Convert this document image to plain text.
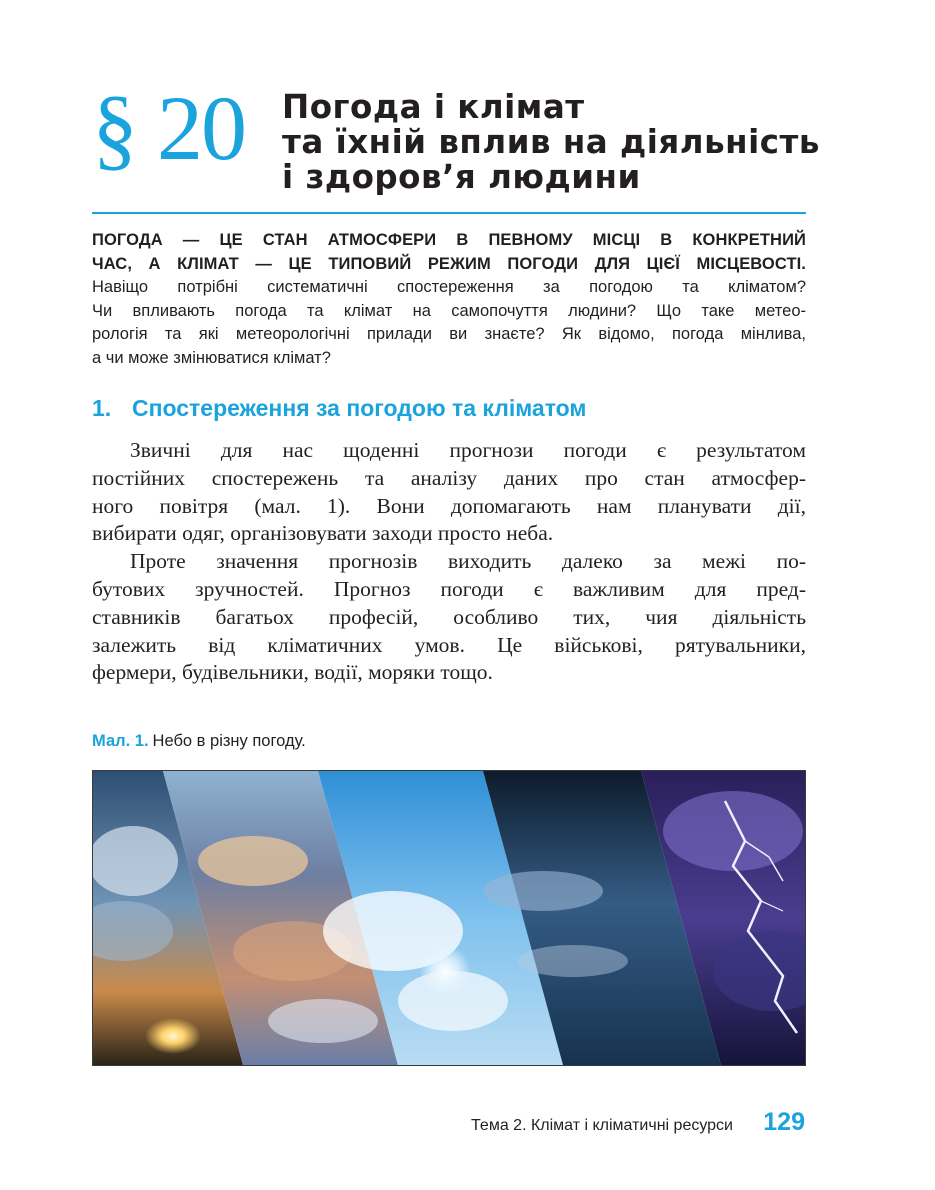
§ 20 Погода і клімат
та їхній вплив на діяльність
і здоров’я людини
ПОГОДА — ЦЕ СТАН АТМОСФЕРИ В ПЕВНОМУ МІСЦІ В КОНКРЕТНИЙ
ЧАС, А КЛІМАТ — ЦЕ ТИПОВИЙ РЕЖИМ ПОГОДИ ДЛЯ ЦІЄЇ МІСЦЕВОСТІ.
Навіщо потрібні систематичні спостереження за погодою та кліматом?
Чи впливають погода та клімат на самопочуття людини? Що таке метео-
рологія та які метеорологічні прилади ви знаєте? Як відомо, погода мінлива,
а чи може змінюватися клімат?
1. Спостереження за погодою та кліматом
Звичні для нас щоденні прогнози погоди є результатом
постійних спостережень та аналізу даних про стан атмосфер-
ного повітря (мал. 1). Вони допомагають нам планувати дії,
вибирати одяг, організовувати заходи просто неба.
Проте значення прогнозів виходить далеко за межі по-
бутових зручностей. Прогноз погоди є важливим для пред-
ставників багатьох професій, особливо тих, чия діяльність
залежить від кліматичних умов. Це військові, рятувальники,
фермери, будівельники, водії, моряки тощо.
Мал. 1. Небо в різну погоду.
Тема 2. Клімат і кліматичні ресурси 129
